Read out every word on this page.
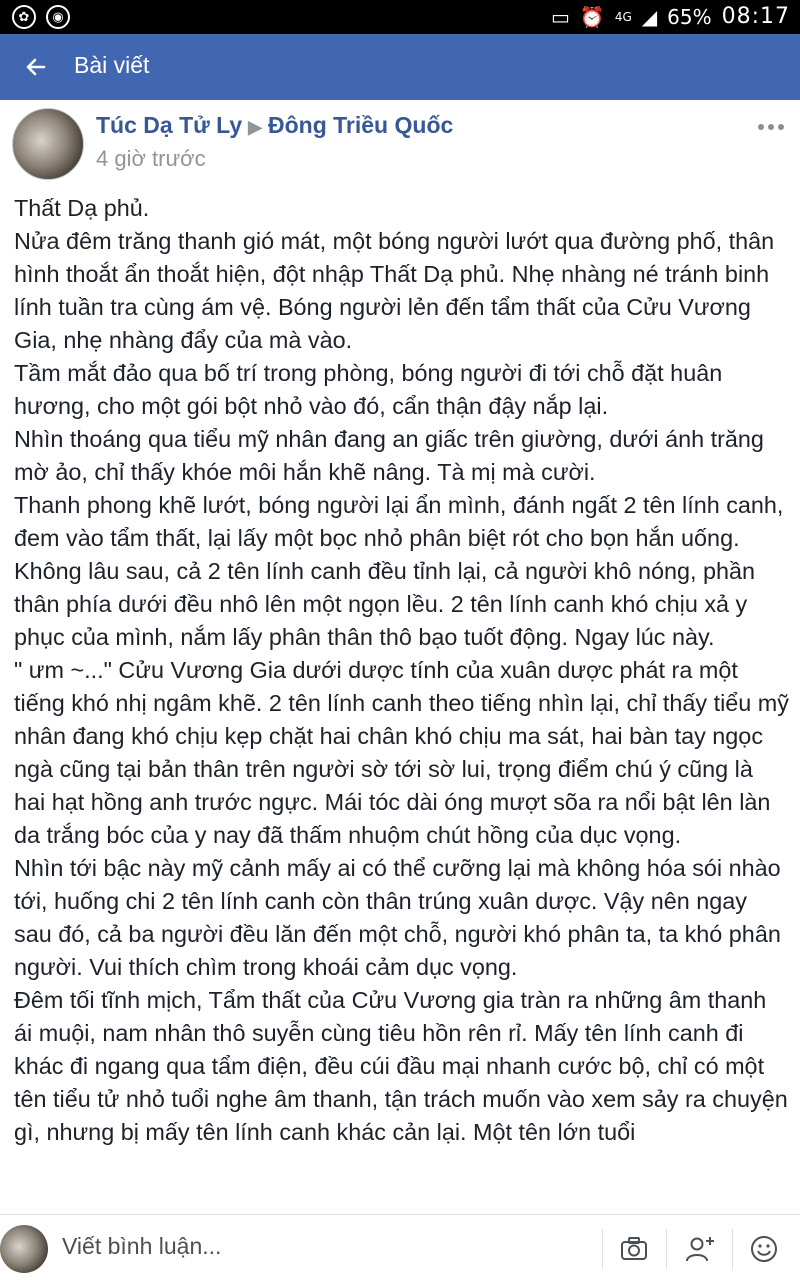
✿	◉	▭ ⏰ 4G ◢ 65% 08:17
Bài viết
Túc Dạ Tử Ly ▶ Đông Triều Quốc
4 giờ trước

Thất Dạ phủ.

Nửa đêm trăng thanh gió mát, một bóng người lướt qua đường phố, thân hình thoắt ẩn thoắt hiện, đột nhập Thất Dạ phủ. Nhẹ nhàng né tránh binh lính tuần tra cùng ám vệ. Bóng người lẻn đến tẩm thất của Cửu Vương Gia, nhẹ nhàng đẩy của mà vào.

Tầm mắt đảo qua bố trí trong phòng, bóng người đi tới chỗ đặt huân hương, cho một gói bột nhỏ vào đó, cẩn thận đậy nắp lại.

Nhìn thoáng qua tiểu mỹ nhân đang an giấc trên giường, dưới ánh trăng mờ ảo, chỉ thấy khóe môi hắn khẽ nâng. Tà mị mà cười.

Thanh phong khẽ lướt, bóng người lại ẩn mình, đánh ngất 2 tên lính canh, đem vào tẩm thất, lại lấy một bọc nhỏ phân biệt rót cho bọn hắn uống. Không lâu sau, cả 2 tên lính canh đều tỉnh lại, cả người khô nóng, phần thân phía dưới đều nhô lên một ngọn lều. 2 tên lính canh khó chịu xả y phục của mình, nắm lấy phân thân thô bạo tuốt động. Ngay lúc này.

" ưm ~..." Cửu Vương Gia dưới dược tính của xuân dược phát ra một tiếng khó nhị ngâm khẽ. 2 tên lính canh theo tiếng nhìn lại, chỉ thấy tiểu mỹ nhân đang khó chịu kẹp chặt hai chân khó chịu ma sát, hai bàn tay ngọc ngà cũng tại bản thân trên người sờ tới sờ lui, trọng điểm chú ý cũng là hai hạt hồng anh trước ngực. Mái tóc dài óng mượt sõa ra nổi bật lên làn da trắng bóc của y nay đã thấm nhuộm chút hồng của dục vọng.

Nhìn tới bậc này mỹ cảnh mấy ai có thể cưỡng lại mà không hóa sói nhào tới, huống chi 2 tên lính canh còn thân trúng xuân dược. Vậy nên ngay sau đó, cả ba người đều lăn đến một chỗ, người khó phân ta, ta khó phân người. Vui thích chìm trong khoái cảm dục vọng.

Đêm tối tĩnh mịch, Tẩm thất của Cửu Vương gia tràn ra những âm thanh ái muội, nam nhân thô suyễn cùng tiêu hồn rên rỉ. Mấy tên lính canh đi khác đi ngang qua tẩm điện, đều cúi đầu mại nhanh cước bộ, chỉ có một tên tiểu tử nhỏ tuổi nghe âm thanh, tận trách muốn vào xem sảy ra chuyện gì, nhưng bị mấy tên lính canh khác cản lại. Một tên lớn tuổi

Viết bình luận...
